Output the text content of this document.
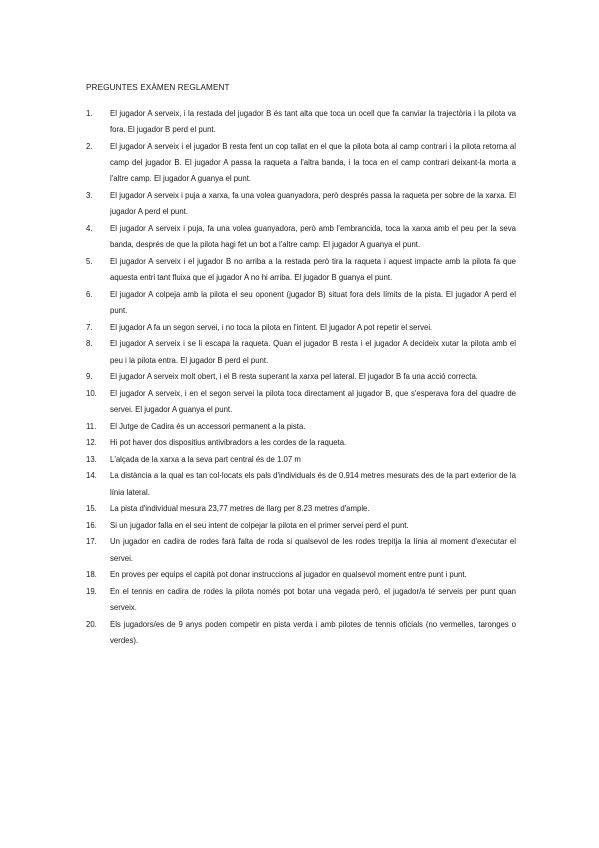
PREGUNTES EXÀMEN REGLAMENT
1.	El jugador A serveix, i la restada del jugador B és tant alta que toca un ocell que fa canviar la trajectòria i la pilota va fora. El jugador B perd el punt.
2.	El jugador A serveix i el jugador B resta fent un cop tallat en el que la pilota bota al camp contrari i la pilota retorna al camp del jugador B. El jugador A passa la raqueta a l'altra banda, i la toca en el camp contrari deixant-la morta a l'altre camp. El jugador A guanya el punt.
3.	El jugador A serveix i puja a xarxa, fa una volea guanyadora, però després passa la raqueta per sobre de la xarxa. El jugador A perd el punt.
4.	El jugador A serveix i puja, fa una volea guanyadora, però amb l'embrancida, toca la xarxa amb el peu per la seva banda, després de que la pilota hagi fet un bot a l'altre camp. El jugador A guanya el punt.
5.	El jugador A serveix i el jugador B no arriba a la restada però tira la raqueta i aquest impacte amb la pilota fa que aquesta entri tant fluixa que el jugador A no hi arriba. El jugador B guanya el punt.
6.	El jugador A colpeja amb la pilota el seu oponent (jugador B) situat fora dels límits de la pista. El jugador A perd el punt.
7.	El jugador A fa un segon servei, i no toca la pilota en l'intent. El jugador A pot repetir el servei.
8.	El jugador A serveix i se li escapa la raqueta. Quan el jugador B resta i el jugador A decideix xutar la pilota amb el peu i la pilota entra. El jugador B perd el punt.
9.	El jugador A serveix molt obert, i el B resta superant la xarxa pel lateral. El jugador B fa una acció correcta.
10.	El jugador A serveix, i en el segon servei la pilota toca directament al jugador B, que s'esperava fora del quadre de servei. El jugador A guanya el punt.
11.	El Jutge de Cadira és un accessori permanent a la pista.
12.	Hi pot haver dos dispositius antivibradors a les cordes de la raqueta.
13.	L'alçada de la xarxa a la seva part central és de 1.07 m
14.	La distància a la qual es tan col·locats els pals d'individuals és de 0.914 metres mesurats des de la part exterior de la línia lateral.
15.	La pista d'individual mesura 23,77 metres de llarg per 8.23 metres d'ample.
16.	Si un jugador falla en el seu intent de colpejar la pilota en el primer servei perd el punt.
17.	Un jugador en cadira de rodes farà falta de roda si qualsevol de les rodes trepitja la línia al moment d'executar el servei.
18.	En proves per equips el capità pot donar instruccions al jugador en qualsevol moment entre punt i punt.
19.	En el tennis en cadira de rodes la pilota només pot botar una vegada però, el jugador/a té serveis per punt quan serveix.
20.	Els jugadors/es de 9 anys poden competir en pista verda i amb pilotes de tennis oficials (no vermelles, taronges o verdes).
